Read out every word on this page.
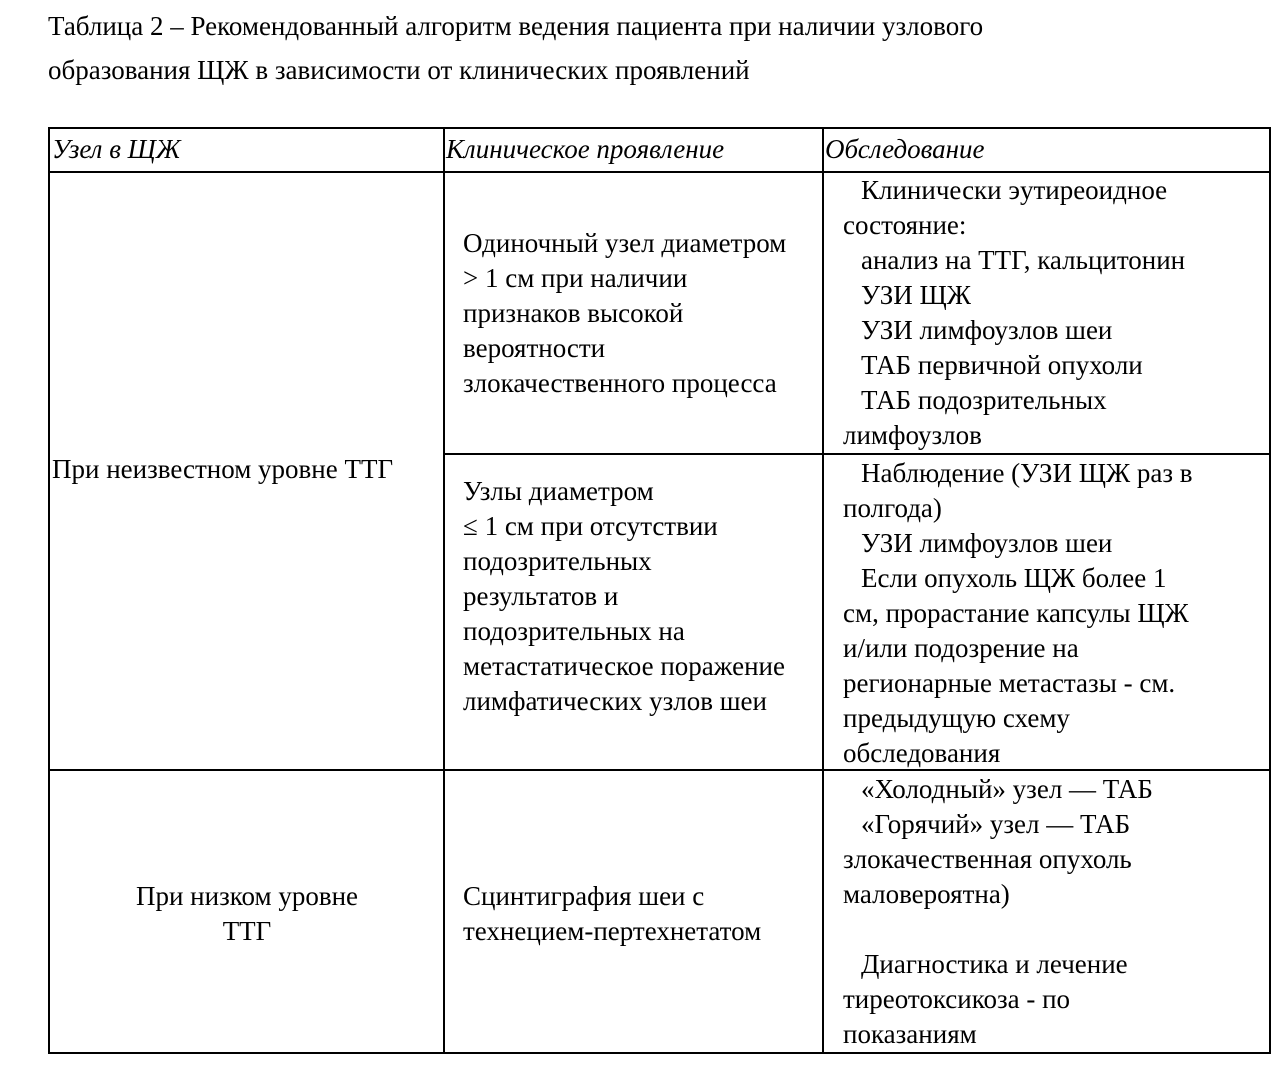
Таблица 2 – Рекомендованный алгоритм ведения пациента при наличии узлового
образования ЩЖ в зависимости от клинических проявлений
Узел в ЩЖ	Клиническое проявление	Обследование
При неизвестном уровне ТТГ
Одиночный узел диаметром
> 1 см при наличии
признаков высокой
вероятности
злокачественного процесса
Клинически эутиреоидное
состояние:
анализ на ТТГ, кальцитонин
УЗИ ЩЖ
УЗИ лимфоузлов шеи
ТАБ первичной опухоли
ТАБ подозрительных
лимфоузлов
Узлы диаметром
≤ 1 см при отсутствии
подозрительных
результатов и
подозрительных на
метастатическое поражение
лимфатических узлов шеи
Наблюдение (УЗИ ЩЖ раз в
полгода)
УЗИ лимфоузлов шеи
Если опухоль ЩЖ более 1
см, прорастание капсулы ЩЖ
и/или подозрение на
регионарные метастазы - см.
предыдущую схему
обследования
При низком уровне
ТТГ
Сцинтиграфия шеи с
технецием-пертехнетатом
«Холодный» узел — ТАБ
«Горячий» узел — ТАБ
злокачественная опухоль
маловероятна)
Диагностика и лечение
тиреотоксикоза - по
показаниям
